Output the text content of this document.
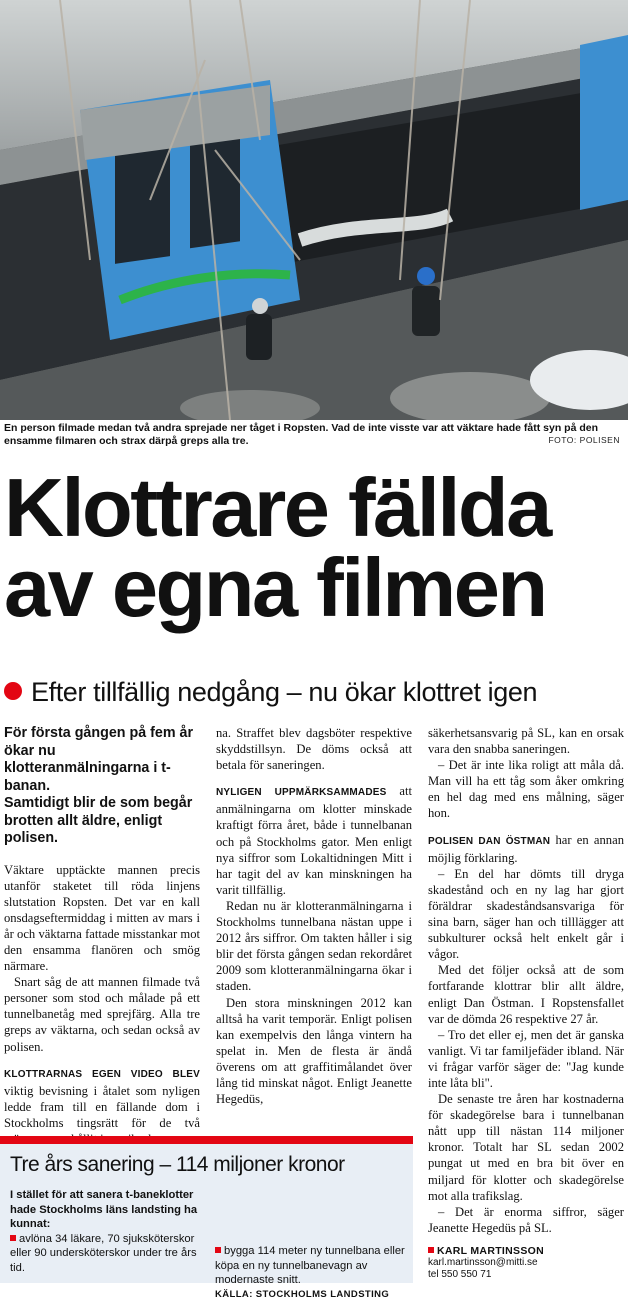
En person filmade medan två andra sprejade ner tåget i Ropsten. Vad de inte visste var att väktare hade fått syn på den ensamme filmaren och strax därpå greps alla tre.	FOTO: POLISEN
Klottrare fällda
av egna filmen
Efter tillfällig nedgång – nu ökar klottret igen

För första gången på fem år ökar nu klotteranmälningarna i t-banan.

Samtidigt blir de som begår brotten allt äldre, enligt polisen.

Väktare upptäckte mannen precis utanför staketet till röda linjens slutstation Ropsten. Det var en kall onsdagseftermiddag i mitten av mars i år och väktarna fattade misstankar mot den ensamma flanören och smög närmare.

Snart såg de att mannen filmade två personer som stod och målade på ett tunnelbanetåg med sprejfärg. Alla tre greps av väktarna, och sedan också av polisen.

KLOTTRARNAS EGEN VIDEO BLEV viktig bevisning i åtalet som nyligen ledde fram till en fällande dom i Stockholms tingsrätt för de två

na. Straffet blev dagsböter respektive skyddstillsyn. De döms också att betala för saneringen.

NYLIGEN UPPMÄRKSAMMADES att anmälningarna om klotter minskade kraftigt förra året, både i tunnelbanan och på Stockholms gator. Men enligt nya siffror som Lokaltidningen Mitt i har tagit del av kan minskningen ha varit tillfällig.

Redan nu är klotteranmälningarna i Stockholms tunnelbana nästan uppe i 2012 års siffror. Om takten håller i sig blir det första gången sedan rekordåret 2009 som klotteranmälningarna ökar i staden.

Den stora minskningen 2012 kan alltså ha varit temporär. Enligt polisen kan exempelvis den långa vintern ha spelat in. Men de flesta är ändå överens om att graffitimålandet över lång tid minskat något. Enligt Jeanette Hegedüs,

säkerhetsansvarig på SL, kan en orsak vara den snabba saneringen.

– Det är inte lika roligt att måla då. Man vill ha ett tåg som åker omkring en hel dag med ens målning, säger hon.

POLISEN DAN ÖSTMAN har en annan möjlig förklaring.

– En del har dömts till dryga skadestånd och en ny lag har gjort föräldrar skadeståndsansvariga för sina barn, säger han och tilllägger att subkulturer också helt enkelt går i vågor.

Med det följer också att de som fortfarande klottrar blir allt äldre, enligt Dan Östman. I Ropstensfallet var de dömda 26 respektive 27 år.

– Tro det eller ej, men det är ganska vanligt. Vi tar familjefäder ibland. När vi frågar varför säger de: "Jag kunde inte låta bli".

De senaste tre åren har kostnaderna för skadegörelse bara i tunnelbanan nått upp till nästan 114 miljoner kronor. Totalt har SL sedan 2002 pungat ut med en bra bit över en miljard för klotter och skadegörelse mot alla trafikslag.

– Det är enorma siffror, säger Jeanette Hegedüs på SL.

Tre års sanering – 114 miljoner kronor

I stället för att sanera t-baneklotter hade Stockholms läns landsting ha kunnat:

avlöna 34 läkare, 70 sjuksköterskor eller 90 undersköterskor under tre års tid.

bygga 114 meter ny tunnelbana eller köpa en ny tunnelbanevagn av modernaste snitt.

KÄLLA: STOCKHOLMS LANDSTING

KARL MARTINSSON
karl.martinsson@mitti.se
tel 550 550 71
